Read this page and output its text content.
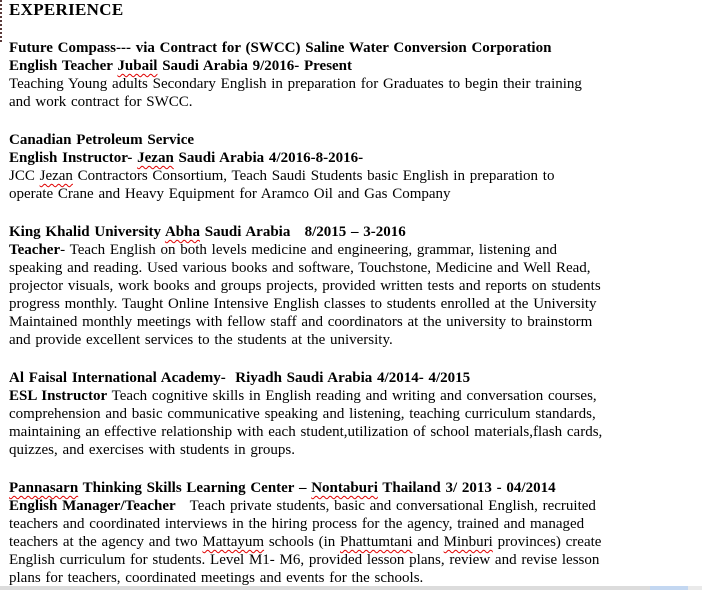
EXPERIENCE
Future Compass--- via Contract for (SWCC) Saline Water Conversion Corporation
English Teacher Jubail Saudi Arabia 9/2016- Present
Teaching Young adults Secondary English in preparation for Graduates to begin their training
and work contract for SWCC.
Canadian Petroleum Service
English Instructor- Jezan Saudi Arabia 4/2016-8-2016-
JCC Jezan Contractors Consortium, Teach Saudi Students basic English in preparation to
operate Crane and Heavy Equipment for Aramco Oil and Gas Company
King Khalid University Abha Saudi Arabia   8/2015 – 3-2016
Teacher- Teach English on both levels medicine and engineering, grammar, listening and
speaking and reading. Used various books and software, Touchstone, Medicine and Well Read,
projector visuals, work books and groups projects, provided written tests and reports on students
progress monthly. Taught Online Intensive English classes to students enrolled at the University
Maintained monthly meetings with fellow staff and coordinators at the university to brainstorm
and provide excellent services to the students at the university.
Al Faisal International Academy-  Riyadh Saudi Arabia 4/2014- 4/2015
ESL Instructor Teach cognitive skills in English reading and writing and conversation courses,
comprehension and basic communicative speaking and listening, teaching curriculum standards,
maintaining an effective relationship with each student,utilization of school materials,flash cards,
quizzes, and exercises with students in groups.
Pannasarn Thinking Skills Learning Center – Nontaburi Thailand 3/ 2013 - 04/2014
English Manager/Teacher   Teach private students, basic and conversational English, recruited
teachers and coordinated interviews in the hiring process for the agency, trained and managed
teachers at the agency and two Mattayum schools (in Phattumtani and Minburi provinces) create
English curriculum for students. Level M1- M6, provided lesson plans, review and revise lesson
plans for teachers, coordinated meetings and events for the schools.
